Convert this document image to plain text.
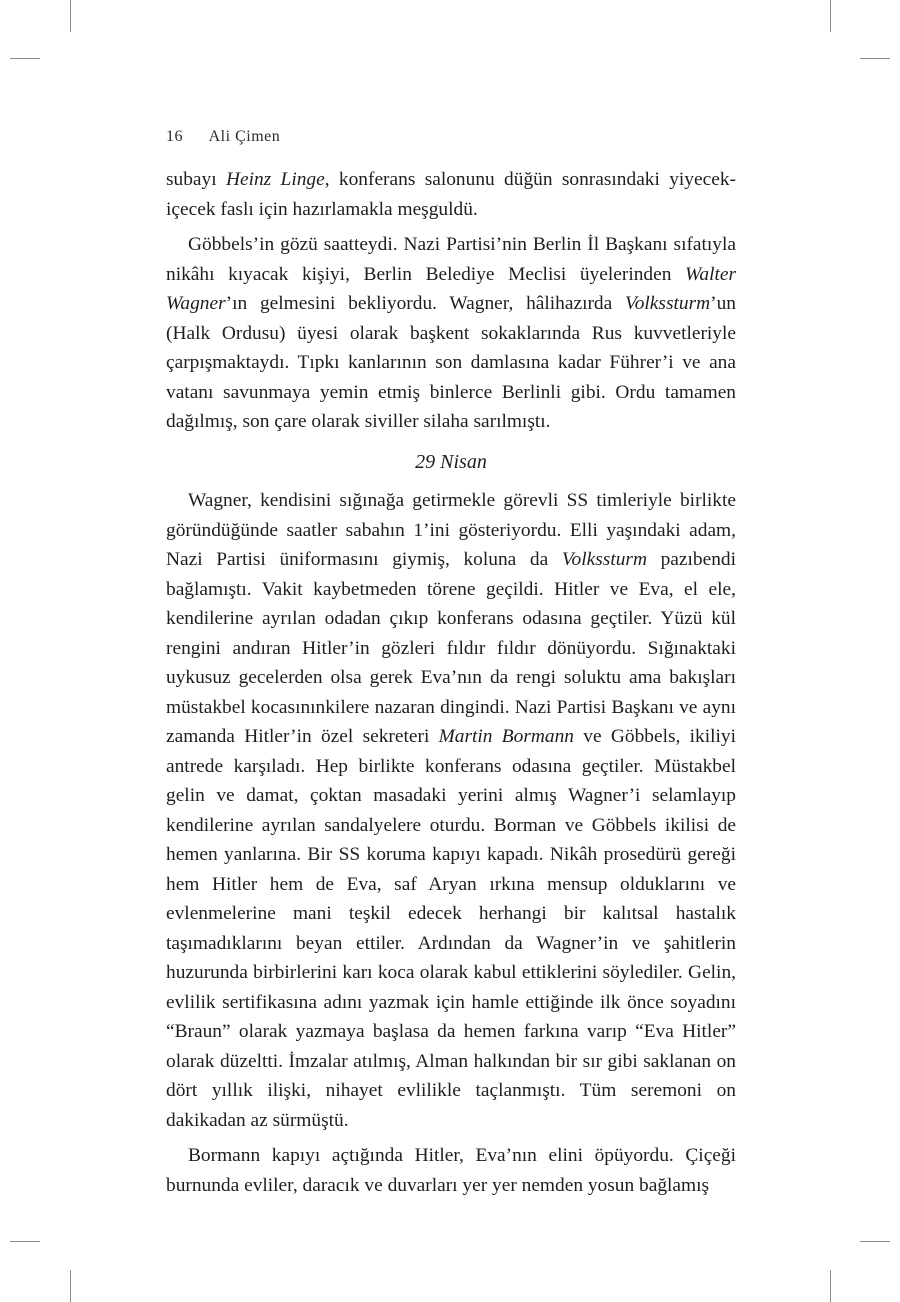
16 Ali Çimen

subayı Heinz Linge, konferans salonunu düğün sonrasındaki yiyecek-içecek faslı için hazırlamakla meşguldü.

Göbbels’in gözü saatteydi. Nazi Partisi’nin Berlin İl Başkanı sıfatıyla nikâhı kıyacak kişiyi, Berlin Belediye Meclisi üyelerinden Walter Wagner’ın gelmesini bekliyordu. Wagner, hâlihazırda Volkssturm’un (Halk Ordusu) üyesi olarak başkent sokaklarında Rus kuvvetleriyle çarpışmaktaydı. Tıpkı kanlarının son damlasına kadar Führer’i ve ana vatanı savunmaya yemin etmiş binlerce Berlinli gibi. Ordu tamamen dağılmış, son çare olarak siviller silaha sarılmıştı.

29 Nisan

Wagner, kendisini sığınağa getirmekle görevli SS timleriyle birlikte göründüğünde saatler sabahın 1’ini gösteriyordu. Elli yaşındaki adam, Nazi Partisi üniformasını giymiş, koluna da Volkssturm pazıbendi bağlamıştı. Vakit kaybetmeden törene geçildi. Hitler ve Eva, el ele, kendilerine ayrılan odadan çıkıp konferans odasına geçtiler. Yüzü kül rengini andıran Hitler’in gözleri fıldır fıldır dönüyordu. Sığınaktaki uykusuz gecelerden olsa gerek Eva’nın da rengi soluktu ama bakışları müstakbel kocasınınkilere nazaran dingindi. Nazi Partisi Başkanı ve aynı zamanda Hitler’in özel sekreteri Martin Bormann ve Göbbels, ikiliyi antrede karşıladı. Hep birlikte konferans odasına geçtiler. Müstakbel gelin ve damat, çoktan masadaki yerini almış Wagner’i selamlayıp kendilerine ayrılan sandalyelere oturdu. Borman ve Göbbels ikilisi de hemen yanlarına. Bir SS koruma kapıyı kapadı. Nikâh prosedürü gereği hem Hitler hem de Eva, saf Aryan ırkına mensup olduklarını ve evlenmelerine mani teşkil edecek herhangi bir kalıtsal hastalık taşımadıklarını beyan ettiler. Ardından da Wagner’in ve şahitlerin huzurunda birbirlerini karı koca olarak kabul ettiklerini söylediler. Gelin, evlilik sertifikasına adını yazmak için hamle ettiğinde ilk önce soyadını “Braun” olarak yazmaya başlasa da hemen farkına varıp “Eva Hitler” olarak düzeltti. İmzalar atılmış, Alman halkından bir sır gibi saklanan on dört yıllık ilişki, nihayet evlilikle taçlanmıştı. Tüm seremoni on dakikadan az sürmüştü.

Bormann kapıyı açtığında Hitler, Eva’nın elini öpüyordu. Çiçeği burnunda evliler, daracık ve duvarları yer yer nemden yosun bağlamış
